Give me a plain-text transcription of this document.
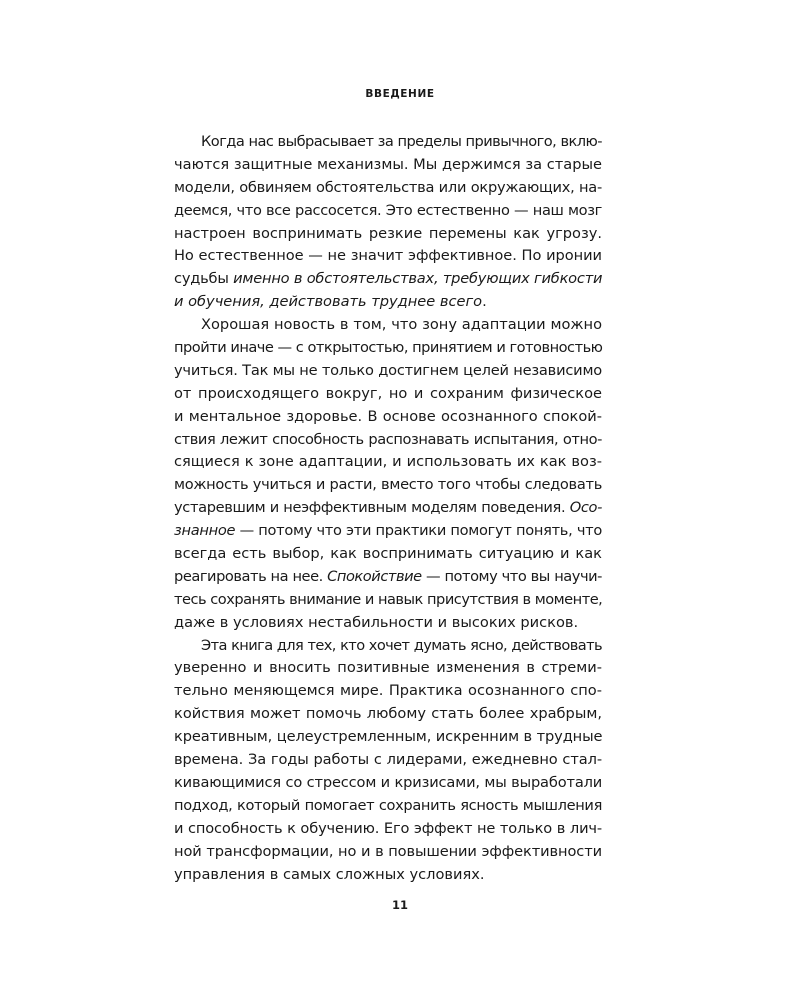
ВВЕДЕНИЕ
Когда нас выбрасывает за пределы привычного, вклю-
чаются защитные механизмы. Мы держимся за старые
модели, обвиняем обстоятельства или окружающих, на-
деемся, что все рассосется. Это естественно — наш мозг
настроен воспринимать резкие перемены как угрозу.
Но естественное — не значит эффективное. По иронии
судьбы именно в обстоятельствах, требующих гибкости
и обучения, действовать труднее всего.
Хорошая новость в том, что зону адаптации можно
пройти иначе — с открытостью, принятием и готовностью
учиться. Так мы не только достигнем целей независимо
от происходящего вокруг, но и сохраним физическое
и ментальное здоровье. В основе осознанного спокой-
ствия лежит способность распознавать испытания, отно-
сящиеся к зоне адаптации, и использовать их как воз-
можность учиться и расти, вместо того чтобы следовать
устаревшим и неэффективным моделям поведения. Осо-
знанное — потому что эти практики помогут понять, что
всегда есть выбор, как воспринимать ситуацию и как
реагировать на нее. Спокойствие — потому что вы научи-
тесь сохранять внимание и навык присутствия в моменте,
даже в условиях нестабильности и высоких рисков.
Эта книга для тех, кто хочет думать ясно, действовать
уверенно и вносить позитивные изменения в стреми-
тельно меняющемся мире. Практика осознанного спо-
койствия может помочь любому стать более храбрым,
креативным, целеустремленным, искренним в трудные
времена. За годы работы с лидерами, ежедневно стал-
кивающимися со стрессом и кризисами, мы выработали
подход, который помогает сохранить ясность мышления
и способность к обучению. Его эффект не только в лич-
ной трансформации, но и в повышении эффективности
управления в самых сложных условиях.
11
